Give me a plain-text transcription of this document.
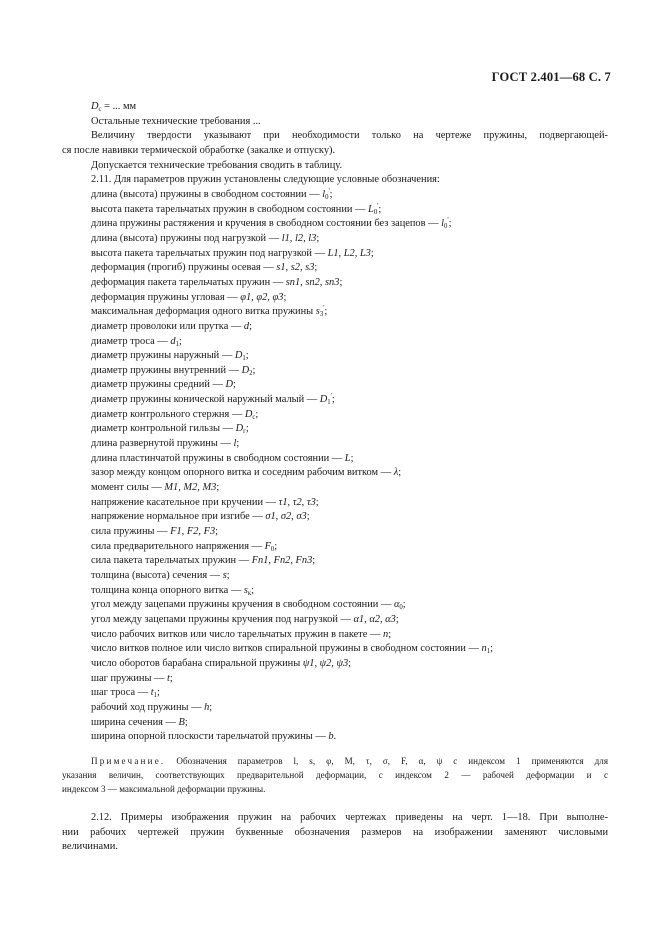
ГОСТ 2.401—68 С. 7
$D_c$ = ... мм
Остальные технические требования ...
Величину твердости указывают при необходимости только на чертеже пружины, подвергающей-
ся после навивки термической обработке (закалке и отпуску).
Допускается технические требования сводить в таблицу.
2.11. Для параметров пружин установлены следующие условные обозначения:
длина (высота) пружины в свободном состоянии — $l_0'$;
высота пакета тарельчатых пружин в свободном состоянии — $L_0'$;
длина пружины растяжения и кручения в свободном состоянии без зацепов — $l_0'$;
длина (высота) пружины под нагрузкой — l1, l2, l3;
высота пакета тарельчатых пружин под нагрузкой — L1, L2, L3;
деформация (прогиб) пружины осевая — s1, s2, s3;
деформация пакета тарельчатых пружин — sп1, sп2, sп3;
деформация пружины угловая — φ1, φ2, φ3;
максимальная деформация одного витка пружины $s_3'$;
диаметр проволоки или прутка — d;
диаметр троса — $d_1$;
диаметр пружины наружный — $D_1$;
диаметр пружины внутренний — $D_2$;
диаметр пружины средний — D;
диаметр пружины конической наружный малый — $D_1'$;
диаметр контрольного стержня — $D_c$;
диаметр контрольной гильзы — $D_г$;
длина развернутой пружины — l;
длина пластинчатой пружины в свободном состоянии — L;
зазор между концом опорного витка и соседним рабочим витком — λ;
момент силы — M1, M2, M3;
напряжение касательное при кручении — τ1, τ2, τ3;
напряжение нормальное при изгибе — σ1, σ2, σ3;
сила пружины — F1, F2, F3;
сила предварительного напряжения — $F_0$;
сила пакета тарельчатых пружин — Fп1, Fп2, Fп3;
толщина (высота) сечения — s;
толщина конца опорного витка — $s_к$;
угол между зацепами пружины кручения в свободном состоянии — $\alpha_0$;
угол между зацепами пружины кручения под нагрузкой — α1, α2, α3;
число рабочих витков или число тарельчатых пружин в пакете — n;
число витков полное или число витков спиральной пружины в свободном состоянии — $n_1$;
число оборотов барабана спиральной пружины ψ1, ψ2, ψ3;
шаг пружины — t;
шаг троса — $t_1$;
рабочий ход пружины — h;
ширина сечения — B;
ширина опорной плоскости тарельчатой пружины — b.
Примечание. Обозначения параметров l, s, φ, M, τ, σ, F, α, ψ с индексом 1 применяются для
указания величин, соответствующих предварительной деформации, с индексом 2 — рабочей деформации и с
индексом 3 — максимальной деформации пружины.
2.12. Примеры изображения пружин на рабочих чертежах приведены на черт. 1—18. При выполне-
нии рабочих чертежей пружин буквенные обозначения размеров на изображении заменяют числовыми
величинами.
